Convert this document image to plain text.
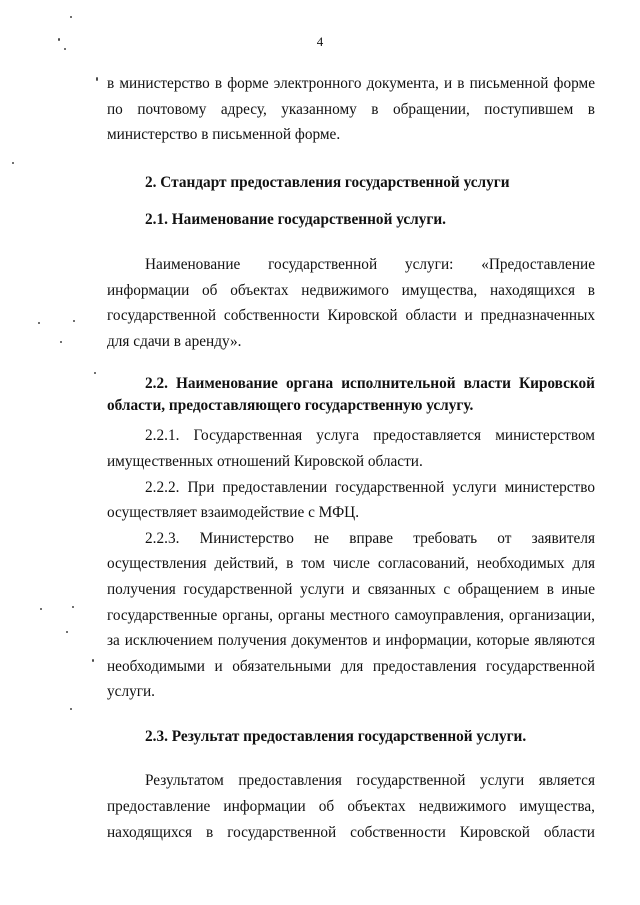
4

в министерство в форме электронного документа, и в письменной форме по почтовому адресу, указанному в обращении, поступившем в министерство в письменной форме.

2. Стандарт предоставления государственной услуги

2.1. Наименование государственной услуги.

Наименование государственной услуги: «Предоставление информации об объектах недвижимого имущества, находящихся в государственной собственности Кировской области и предназначенных для сдачи в аренду».

2.2. Наименование органа исполнительной власти Кировской области, предоставляющего государственную услугу.

2.2.1. Государственная услуга предоставляется министерством имущественных отношений Кировской области.

2.2.2. При предоставлении государственной услуги министерство осуществляет взаимодействие с МФЦ.

2.2.3. Министерство не вправе требовать от заявителя осуществления действий, в том числе согласований, необходимых для получения государственной услуги и связанных с обращением в иные государственные органы, органы местного самоуправления, организации, за исключением получения документов и информации, которые являются необходимыми и обязательными для предоставления государственной услуги.

2.3. Результат предоставления государственной услуги.

Результатом предоставления государственной услуги является предоставление информации об объектах недвижимого имущества, находящихся в государственной собственности Кировской области
